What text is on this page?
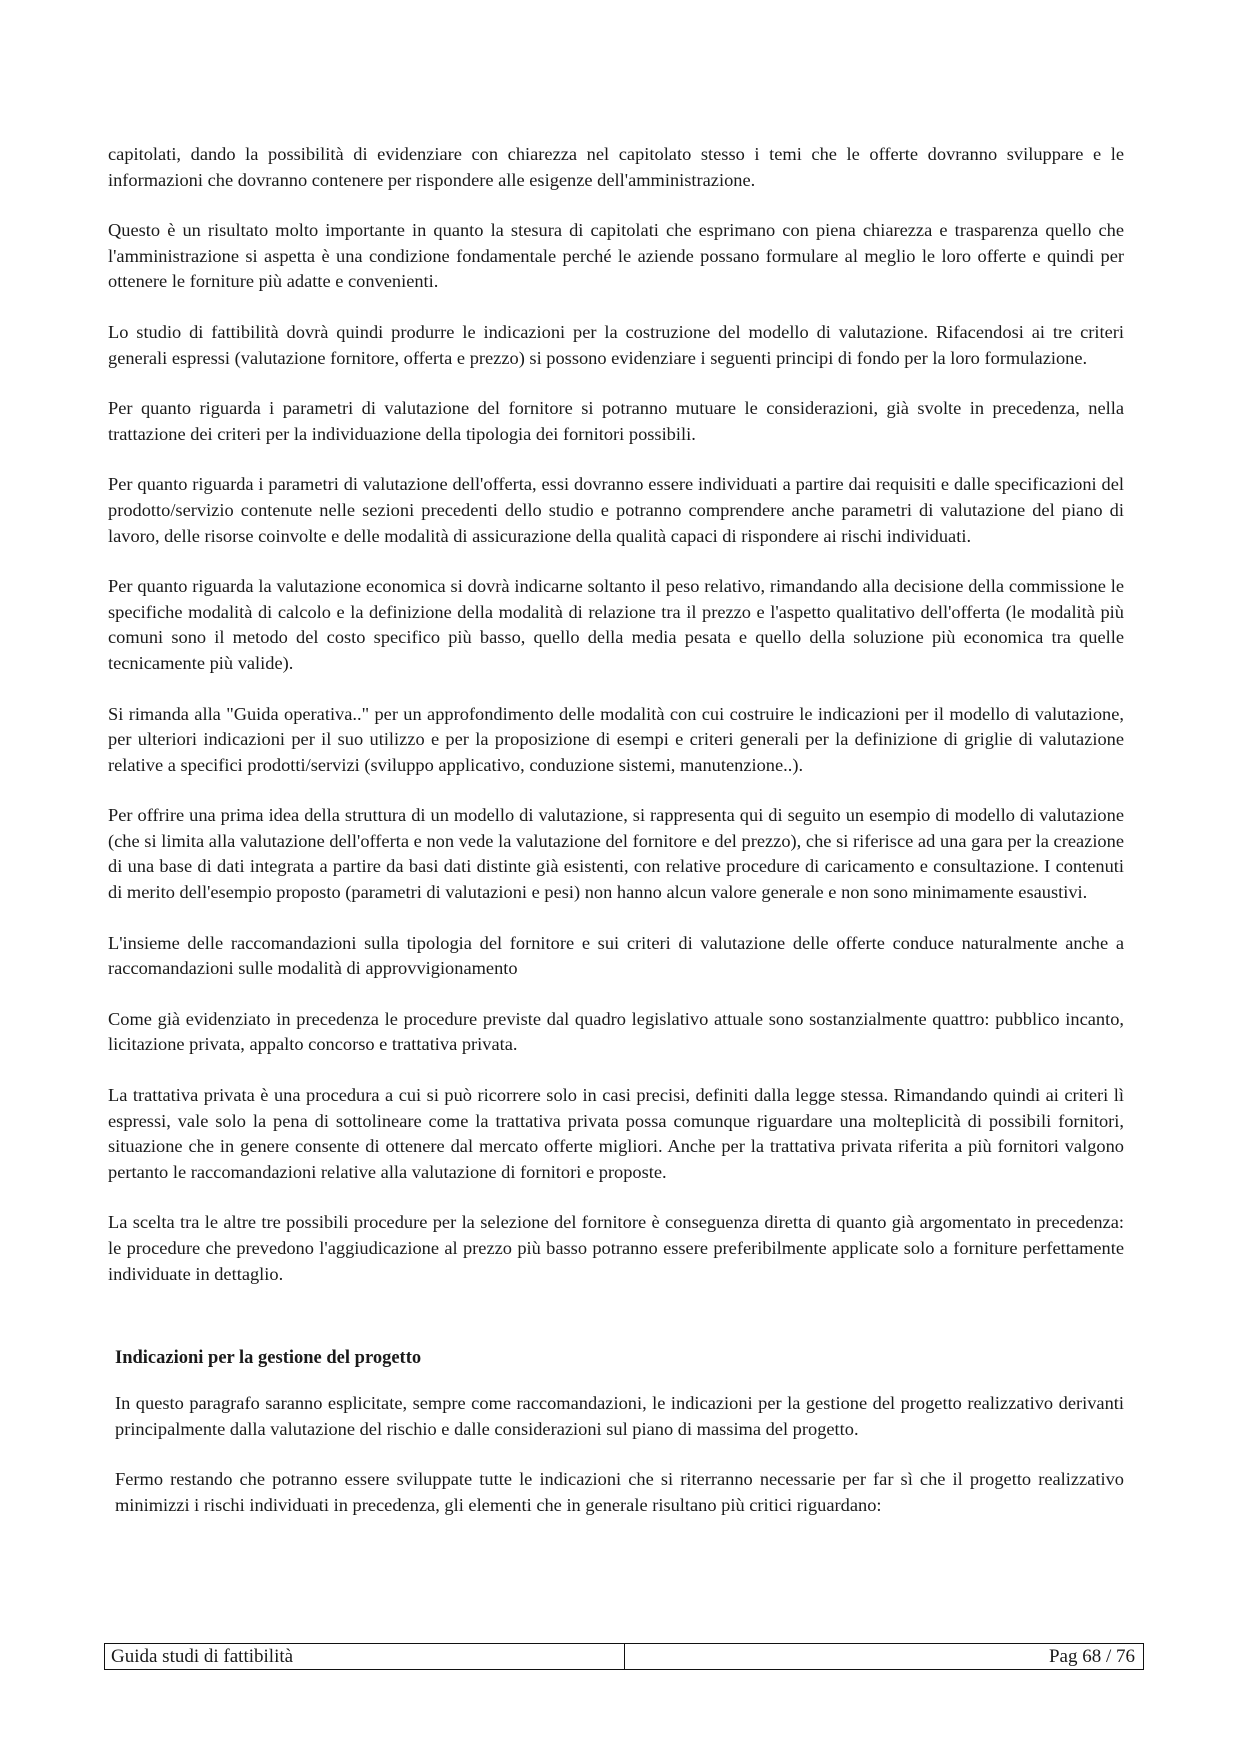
capitolati, dando la possibilità di evidenziare con chiarezza nel capitolato stesso i temi che le offerte dovranno sviluppare e le informazioni che dovranno contenere per rispondere alle esigenze dell'amministrazione.

Questo è un risultato molto importante in quanto la stesura di capitolati che esprimano con piena chiarezza e trasparenza quello che l'amministrazione si aspetta è una condizione fondamentale perché le aziende possano formulare al meglio le loro offerte e quindi per ottenere le forniture più adatte e convenienti.

Lo studio di fattibilità dovrà quindi produrre le indicazioni per la costruzione del modello di valutazione. Rifacendosi ai tre criteri generali espressi (valutazione fornitore, offerta e prezzo) si possono evidenziare i seguenti principi di fondo per la loro formulazione.

Per quanto riguarda i parametri di valutazione del fornitore si potranno mutuare le considerazioni, già svolte in precedenza, nella trattazione dei criteri per la individuazione della tipologia dei fornitori possibili.

Per quanto riguarda i parametri di valutazione dell'offerta, essi dovranno essere individuati a partire dai requisiti e dalle specificazioni del prodotto/servizio contenute nelle sezioni precedenti dello studio e potranno comprendere anche parametri di valutazione del piano di lavoro, delle risorse coinvolte e delle modalità di assicurazione della qualità capaci di rispondere ai rischi individuati.

Per quanto riguarda la valutazione economica si dovrà indicarne soltanto il peso relativo, rimandando alla decisione della commissione le specifiche modalità di calcolo e la definizione della modalità di relazione tra il prezzo e l'aspetto qualitativo dell'offerta (le modalità più comuni sono il metodo del costo specifico più basso, quello della media pesata e quello della soluzione più economica tra quelle tecnicamente più valide).

Si rimanda alla "Guida operativa.." per un approfondimento delle modalità con cui costruire le indicazioni per il modello di valutazione, per ulteriori indicazioni per il suo utilizzo e per la proposizione di esempi e criteri generali per la definizione di griglie di valutazione relative a specifici prodotti/servizi (sviluppo applicativo, conduzione sistemi, manutenzione..).

Per offrire una prima idea della struttura di un modello di valutazione, si rappresenta qui di seguito un esempio di modello di valutazione (che si limita alla valutazione dell'offerta e non vede la valutazione del fornitore e del prezzo), che si riferisce ad una gara per la creazione di una base di dati integrata a partire da basi dati distinte già esistenti, con relative procedure di caricamento e consultazione. I contenuti di merito dell'esempio proposto (parametri di valutazioni e pesi) non hanno alcun valore generale e non sono minimamente esaustivi.

L'insieme delle raccomandazioni sulla tipologia del fornitore e sui criteri di valutazione delle offerte conduce naturalmente anche a raccomandazioni sulle modalità di approvvigionamento

Come già evidenziato in precedenza le procedure previste dal quadro legislativo attuale sono sostanzialmente quattro: pubblico incanto, licitazione privata, appalto concorso e trattativa privata.

La trattativa privata è una procedura a cui si può ricorrere solo in casi precisi, definiti dalla legge stessa. Rimandando quindi ai criteri lì espressi, vale solo la pena di sottolineare come la trattativa privata possa comunque riguardare una molteplicità di possibili fornitori, situazione che in genere consente di ottenere dal mercato offerte migliori. Anche per la trattativa privata riferita a più fornitori valgono pertanto le raccomandazioni relative alla valutazione di fornitori e proposte.

La scelta tra le altre tre possibili procedure per la selezione del fornitore è conseguenza diretta di quanto già argomentato in precedenza: le procedure che prevedono l'aggiudicazione al prezzo più basso potranno essere preferibilmente applicate solo a forniture perfettamente individuate in dettaglio.

Indicazioni per la gestione del progetto

In questo paragrafo saranno esplicitate, sempre come raccomandazioni, le indicazioni per la gestione del progetto realizzativo derivanti principalmente dalla valutazione del rischio e dalle considerazioni sul piano di massima del progetto.

Fermo restando che potranno essere sviluppate tutte le indicazioni che si riterranno necessarie per far sì che il progetto realizzativo minimizzi i rischi individuati in precedenza, gli elementi che in generale risultano più critici riguardano:

Guida studi di fattibilità	Pag 68 / 76
